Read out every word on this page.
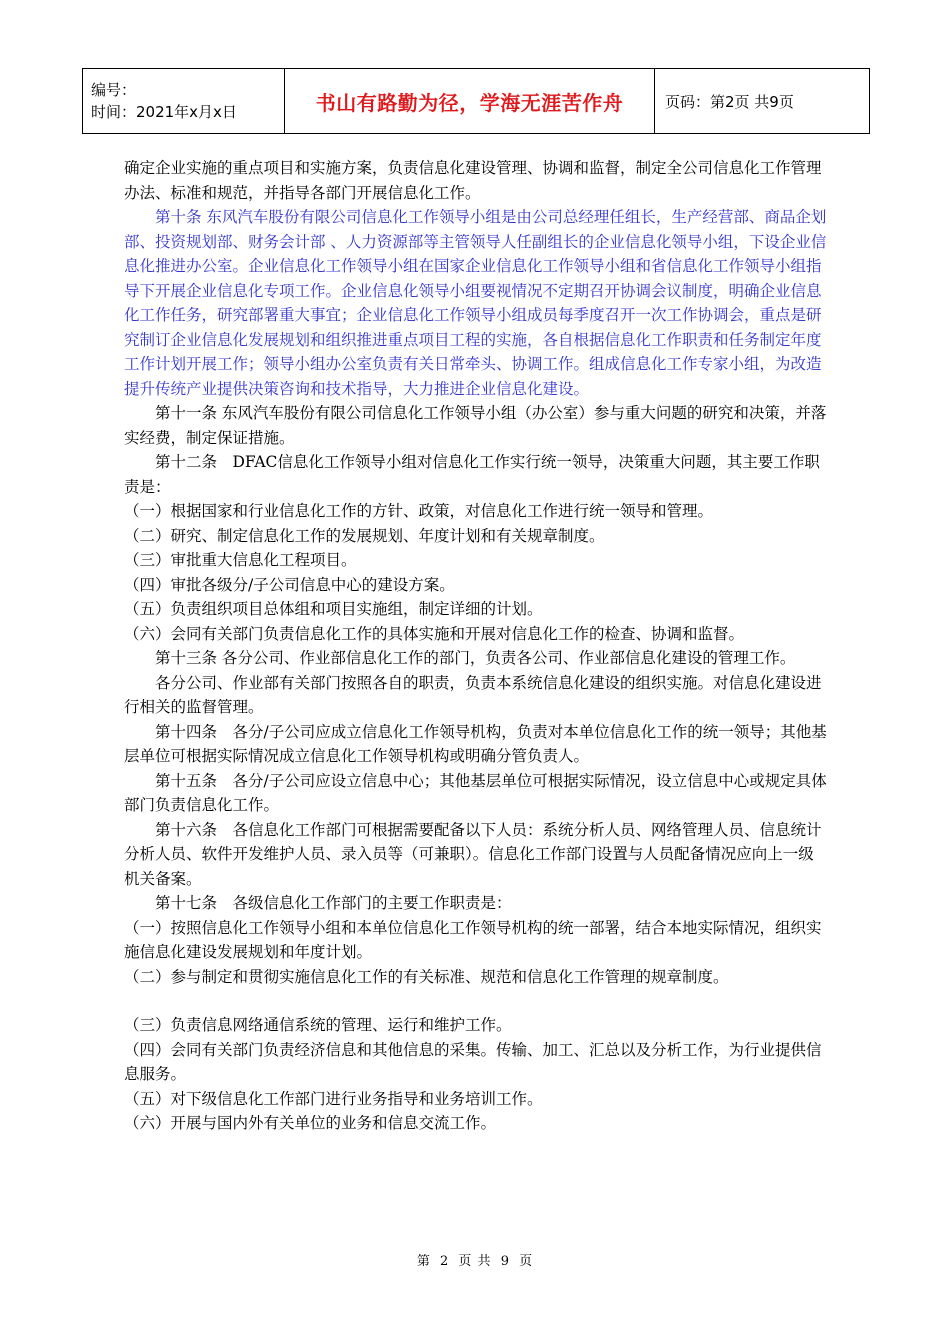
编号：
时间：2021年x月x日	书山有路勤为径，学海无涯苦作舟	页码：第2页 共9页

确定企业实施的重点项目和实施方案，负责信息化建设管理、协调和监督，制定全公司信息化工作管理办法、标准和规范，并指导各部门开展信息化工作。

　　第十条 东风汽车股份有限公司信息化工作领导小组是由公司总经理任组长，生产经营部、商品企划部、投资规划部、财务会计部 、人力资源部等主管领导人任副组长的企业信息化领导小组，下设企业信息化推进办公室。企业信息化工作领导小组在国家企业信息化工作领导小组和省信息化工作领导小组指导下开展企业信息化专项工作。企业信息化领导小组要视情况不定期召开协调会议制度，明确企业信息化工作任务，研究部署重大事宜；企业信息化工作领导小组成员每季度召开一次工作协调会，重点是研究制订企业信息化发展规划和组织推进重点项目工程的实施，各自根据信息化工作职责和任务制定年度工作计划开展工作；领导小组办公室负责有关日常牵头、协调工作。组成信息化工作专家小组，为改造提升传统产业提供决策咨询和技术指导，大力推进企业信息化建设。

　　第十一条 东风汽车股份有限公司信息化工作领导小组（办公室）参与重大问题的研究和决策，并落实经费，制定保证措施。

　　第十二条　DFAC信息化工作领导小组对信息化工作实行统一领导，决策重大问题，其主要工作职责是：

（一）根据国家和行业信息化工作的方针、政策，对信息化工作进行统一领导和管理。

（二）研究、制定信息化工作的发展规划、年度计划和有关规章制度。

（三）审批重大信息化工程项目。

（四）审批各级分/子公司信息中心的建设方案。

（五）负责组织项目总体组和项目实施组，制定详细的计划。

（六）会同有关部门负责信息化工作的具体实施和开展对信息化工作的检查、协调和监督。

　　第十三条 各分公司、作业部信息化工作的部门，负责各公司、作业部信息化建设的管理工作。

　　各分公司、作业部有关部门按照各自的职责，负责本系统信息化建设的组织实施。对信息化建设进行相关的监督管理。

　　第十四条　各分/子公司应成立信息化工作领导机构，负责对本单位信息化工作的统一领导；其他基层单位可根据实际情况成立信息化工作领导机构或明确分管负责人。

　　第十五条　各分/子公司应设立信息中心；其他基层单位可根据实际情况，设立信息中心或规定具体部门负责信息化工作。

　　第十六条　各信息化工作部门可根据需要配备以下人员：系统分析人员、网络管理人员、信息统计分析人员、软件开发维护人员、录入员等（可兼职）。信息化工作部门设置与人员配备情况应向上一级机关备案。

　　第十七条　各级信息化工作部门的主要工作职责是：

（一）按照信息化工作领导小组和本单位信息化工作领导机构的统一部署，结合本地实际情况，组织实施信息化建设发展规划和年度计划。

（二）参与制定和贯彻实施信息化工作的有关标准、规范和信息化工作管理的规章制度。

（三）负责信息网络通信系统的管理、运行和维护工作。

（四）会同有关部门负责经济信息和其他信息的采集。传输、加工、汇总以及分析工作，为行业提供信息服务。

（五）对下级信息化工作部门进行业务指导和业务培训工作。

（六）开展与国内外有关单位的业务和信息交流工作。

第 2 页 共 9 页
